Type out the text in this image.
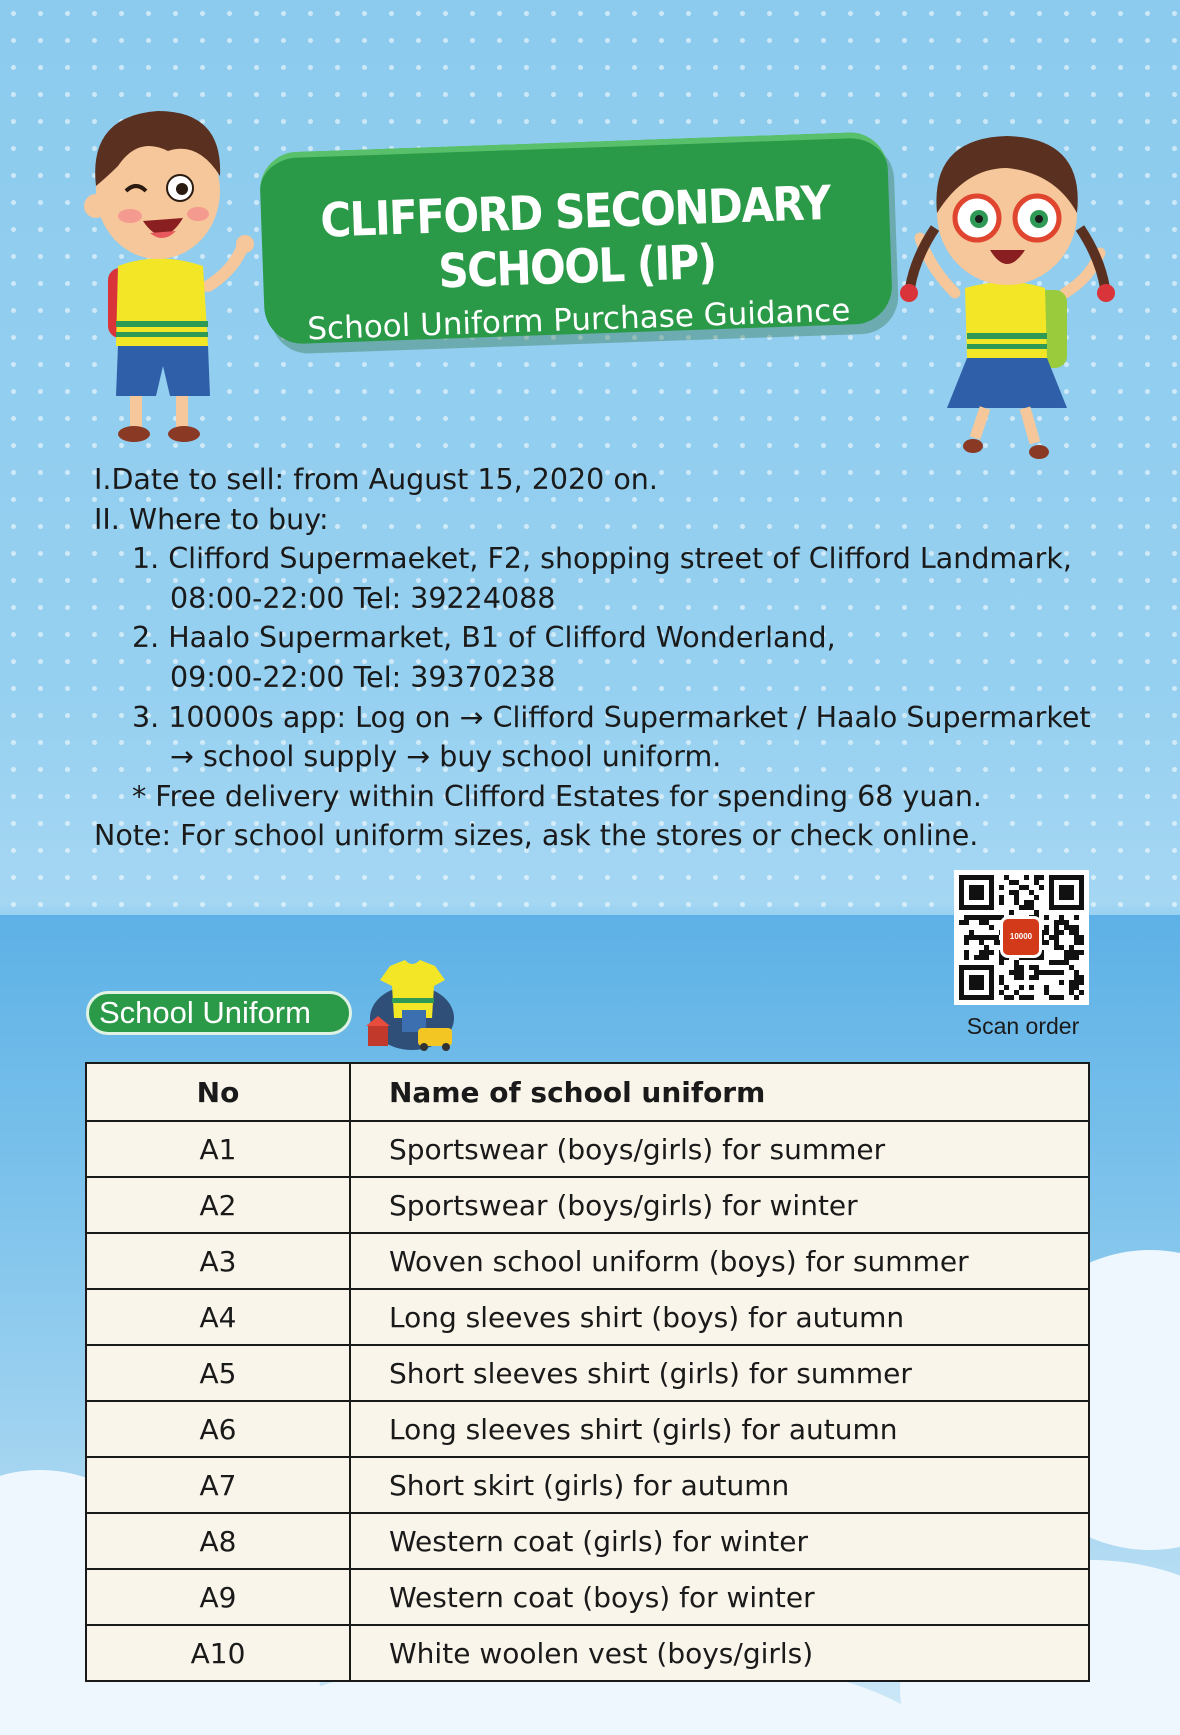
CLIFFORD SECONDARY SCHOOL (IP)
School Uniform Purchase Guidance
I.Date to sell: from August 15, 2020 on.
II. Where to buy:
1. Clifford Supermaeket, F2, shopping street of Clifford Landmark,
08:00-22:00 Tel: 39224088
2. Haalo Supermarket, B1 of Clifford Wonderland,
09:00-22:00 Tel: 39370238
3. 10000s app: Log on → Clifford Supermarket / Haalo Supermarket
→ school supply → buy school uniform.
* Free delivery within Clifford Estates for spending 68 yuan.
Note: For school uniform sizes, ask the stores or check online.
10000
Scan order
School Uniform
No	Name of school uniform
A1	Sportswear (boys/girls) for summer
A2	Sportswear (boys/girls) for winter
A3	Woven school uniform (boys) for summer
A4	Long sleeves shirt (boys) for autumn
A5	Short sleeves shirt (girls) for summer
A6	Long sleeves shirt (girls) for autumn
A7	Short skirt (girls) for autumn
A8	Western coat (girls) for winter
A9	Western coat (boys) for winter
A10	White woolen vest (boys/girls)
